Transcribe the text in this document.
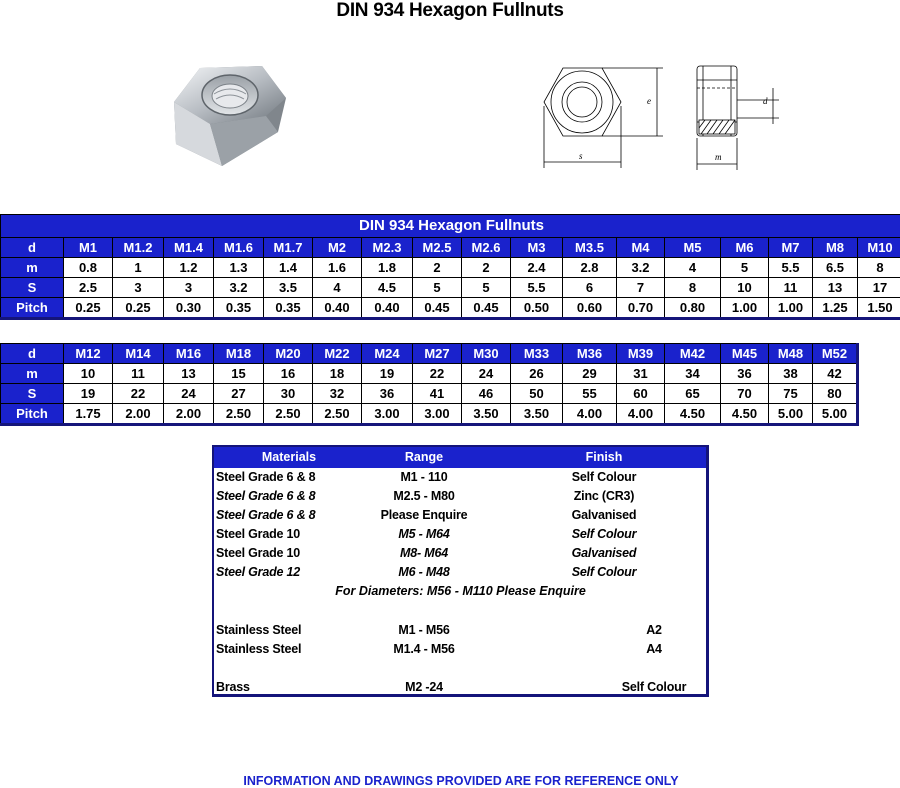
DIN 934 Hexagon Fullnuts
e
s
d
m
DIN 934 Hexagon Fullnuts																	
d	M1	M1.2	M1.4	M1.6	M1.7	M2	M2.3	M2.5	M2.6	M3	M3.5	M4	M5	M6	M7	M8	M10
m	0.8	1	1.2	1.3	1.4	1.6	1.8	2	2	2.4	2.8	3.2	4	5	5.5	6.5	8
S	2.5	3	3	3.2	3.5	4	4.5	5	5	5.5	6	7	8	10	11	13	17
Pitch	0.25	0.25	0.30	0.35	0.35	0.40	0.40	0.45	0.45	0.50	0.60	0.70	0.80	1.00	1.00	1.25	1.50
d	M12	M14	M16	M18	M20	M22	M24	M27	M30	M33	M36	M39	M42	M45	M48	M52
m	10	11	13	15	16	18	19	22	24	26	29	31	34	36	38	42
S	19	22	24	27	30	32	36	41	46	50	55	60	65	70	75	80
Pitch	1.75	2.00	2.00	2.50	2.50	2.50	3.00	3.00	3.50	3.50	4.00	4.00	4.50	4.50	5.00	5.00
Materials	Range	Finish
Steel Grade 6 & 8	M1 - 110	Self Colour
Steel Grade 6 & 8	M2.5 - M80	Zinc (CR3)
Steel Grade 6 & 8	Please Enquire	Galvanised
Steel Grade 10	M5 - M64	Self Colour
Steel Grade 10	M8- M64	Galvanised
Steel Grade 12	M6 - M48	Self Colour
For Diameters: M56 - M110 Please Enquire
Stainless Steel	M1 - M56	A2
Stainless Steel	M1.4 - M56	A4
Brass	M2 -24	Self Colour
INFORMATION AND DRAWINGS PROVIDED ARE FOR REFERENCE ONLY
